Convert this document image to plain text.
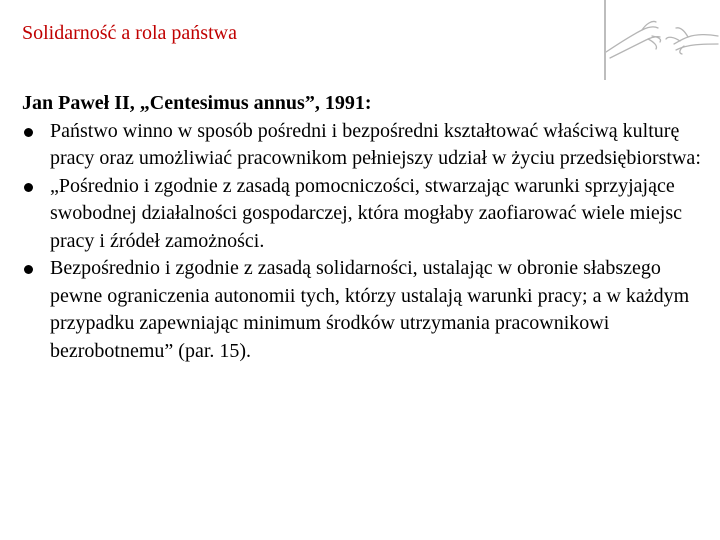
Solidarność a rola państwa

Jan Paweł II, „Centesimus annus”, 1991:

Państwo winno w sposób pośredni i bezpośredni kształtować właściwą kulturę pracy oraz umożliwiać pracownikom pełniejszy udział w życiu przedsiębiorstwa:
„Pośrednio i zgodnie z zasadą pomocniczości, stwarzając warunki sprzyjające swobodnej działalności gospodarczej, która mogłaby zaofiarować wiele miejsc pracy i źródeł zamożności.
Bezpośrednio i zgodnie z zasadą solidarności, ustalając w obronie słabszego pewne ograniczenia autonomii tych, którzy ustalają warunki pracy; a w każdym przypadku zapewniając minimum środków utrzymania pracownikowi bezrobotnemu” (par. 15).
